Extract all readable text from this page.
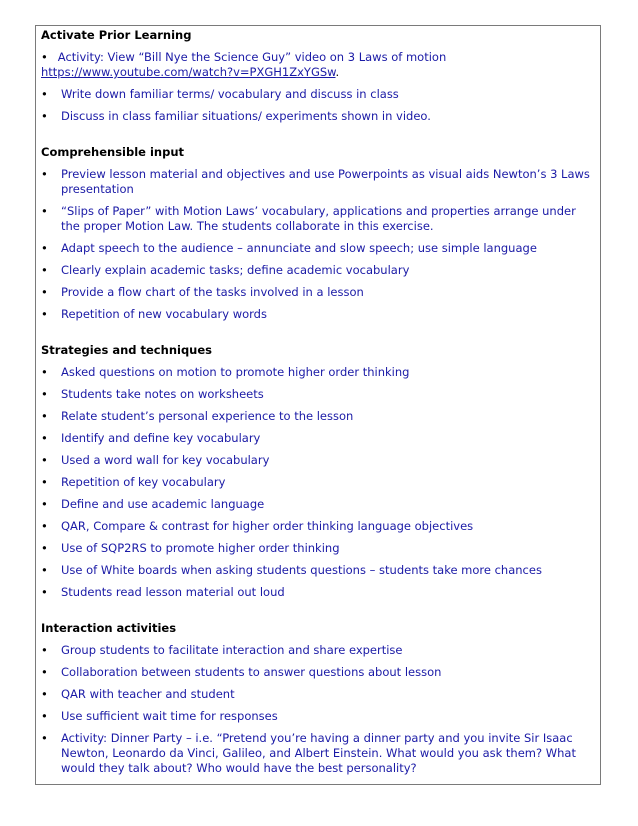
Activate Prior Learning
• Activity: View “Bill Nye the Science Guy” video on 3 Laws of motion
https://www.youtube.com/watch?v=PXGH1ZxYGSw.
• Write down familiar terms/ vocabulary and discuss in class
• Discuss in class familiar situations/ experiments shown in video.
Comprehensible input
• Preview lesson material and objectives and use Powerpoints as visual aids Newton’s 3 Laws presentation
• “Slips of Paper” with Motion Laws’ vocabulary, applications and properties arrange under the proper Motion Law. The students collaborate in this exercise.
• Adapt speech to the audience – annunciate and slow speech; use simple language
• Clearly explain academic tasks; define academic vocabulary
• Provide a flow chart of the tasks involved in a lesson
• Repetition of new vocabulary words
Strategies and techniques
• Asked questions on motion to promote higher order thinking
• Students take notes on worksheets
• Relate student’s personal experience to the lesson
• Identify and define key vocabulary
• Used a word wall for key vocabulary
• Repetition of key vocabulary
• Define and use academic language
• QAR, Compare & contrast for higher order thinking language objectives
• Use of SQP2RS to promote higher order thinking
• Use of White boards when asking students questions – students take more chances
• Students read lesson material out loud
Interaction activities
• Group students to facilitate interaction and share expertise
• Collaboration between students to answer questions about lesson
• QAR with teacher and student
• Use sufficient wait time for responses
• Activity: Dinner Party – i.e. “Pretend you’re having a dinner party and you invite Sir Isaac Newton, Leonardo da Vinci, Galileo, and Albert Einstein. What would you ask them? What would they talk about? Who would have the best personality?
